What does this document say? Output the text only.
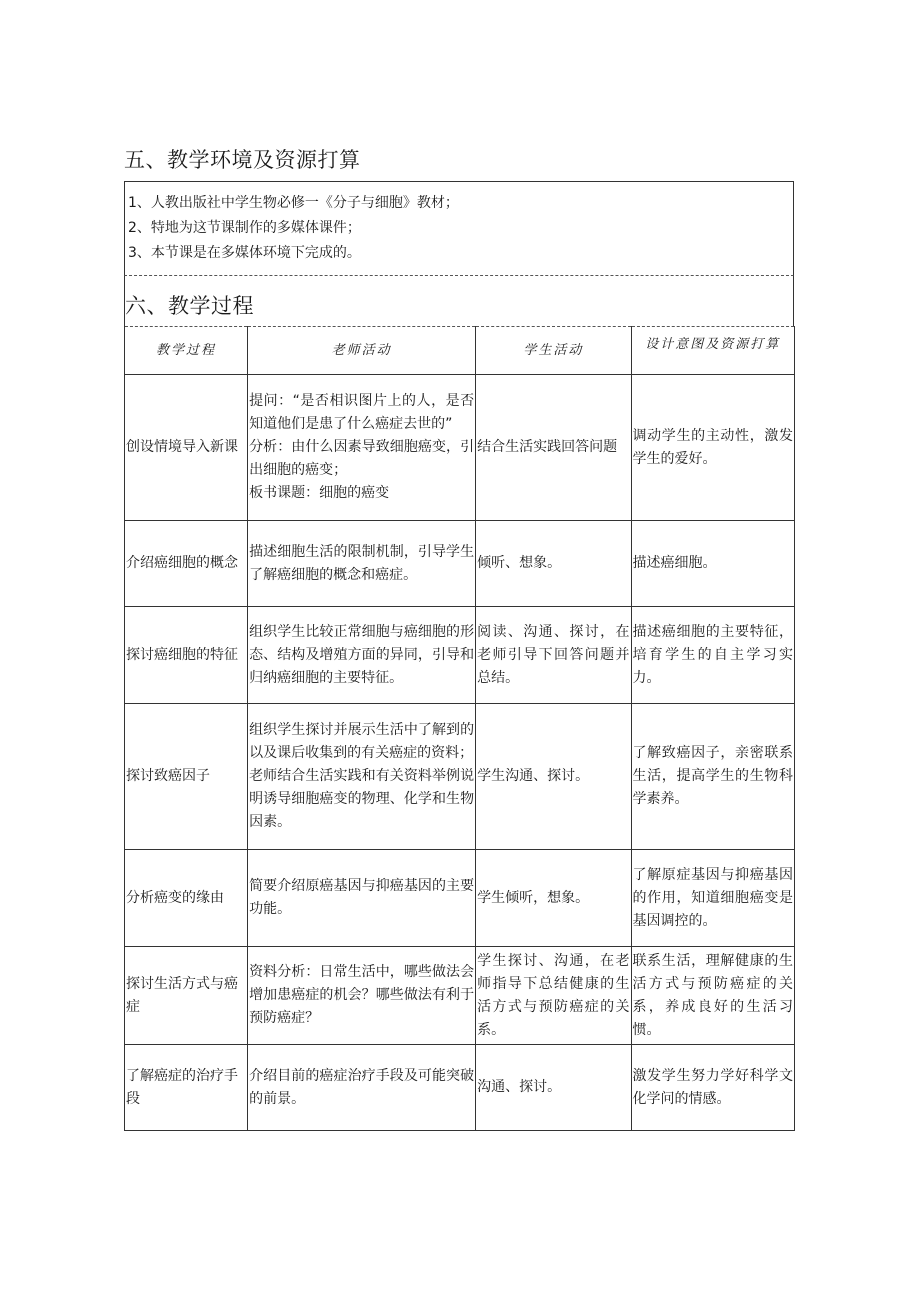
五、教学环境及资源打算
1、人教出版社中学生物必修一《分子与细胞》教材；
2、特地为这节课制作的多媒体课件；
3、本节课是在多媒体环境下完成的。
六、教学过程
教学过程	老师活动	学生活动	设计意图及资源打算
创设情境导入新课	提问：“是否相识图片上的人，是否知道他们是患了什么癌症去世的”
分析：由什么因素导致细胞癌变，引出细胞的癌变；
板书课题：细胞的癌变	结合生活实践回答问题	调动学生的主动性，激发学生的爱好。
介绍癌细胞的概念	描述细胞生活的限制机制，引导学生了解癌细胞的概念和癌症。	倾听、想象。	描述癌细胞。
探讨癌细胞的特征	组织学生比较正常细胞与癌细胞的形态、结构及增殖方面的异同，引导和归纳癌细胞的主要特征。	阅读、沟通、探讨，在老师引导下回答问题并总结。	描述癌细胞的主要特征，培育学生的自主学习实力。
探讨致癌因子	组织学生探讨并展示生活中了解到的以及课后收集到的有关癌症的资料；
老师结合生活实践和有关资料举例说明诱导细胞癌变的物理、化学和生物因素。	学生沟通、探讨。	了解致癌因子，亲密联系生活，提高学生的生物科学素养。
分析癌变的缘由	简要介绍原癌基因与抑癌基因的主要功能。	学生倾听，想象。	了解原症基因与抑癌基因的作用，知道细胞癌变是基因调控的。
探讨生活方式与癌症	资料分析：日常生活中，哪些做法会增加患癌症的机会？哪些做法有利于预防癌症？	学生探讨、沟通，在老师指导下总结健康的生活方式与预防癌症的关系。	联系生活，理解健康的生活方式与预防癌症的关系，养成良好的生活习惯。
了解癌症的治疗手段	介绍目前的癌症治疗手段及可能突破的前景。	沟通、探讨。	激发学生努力学好科学文化学问的情感。
